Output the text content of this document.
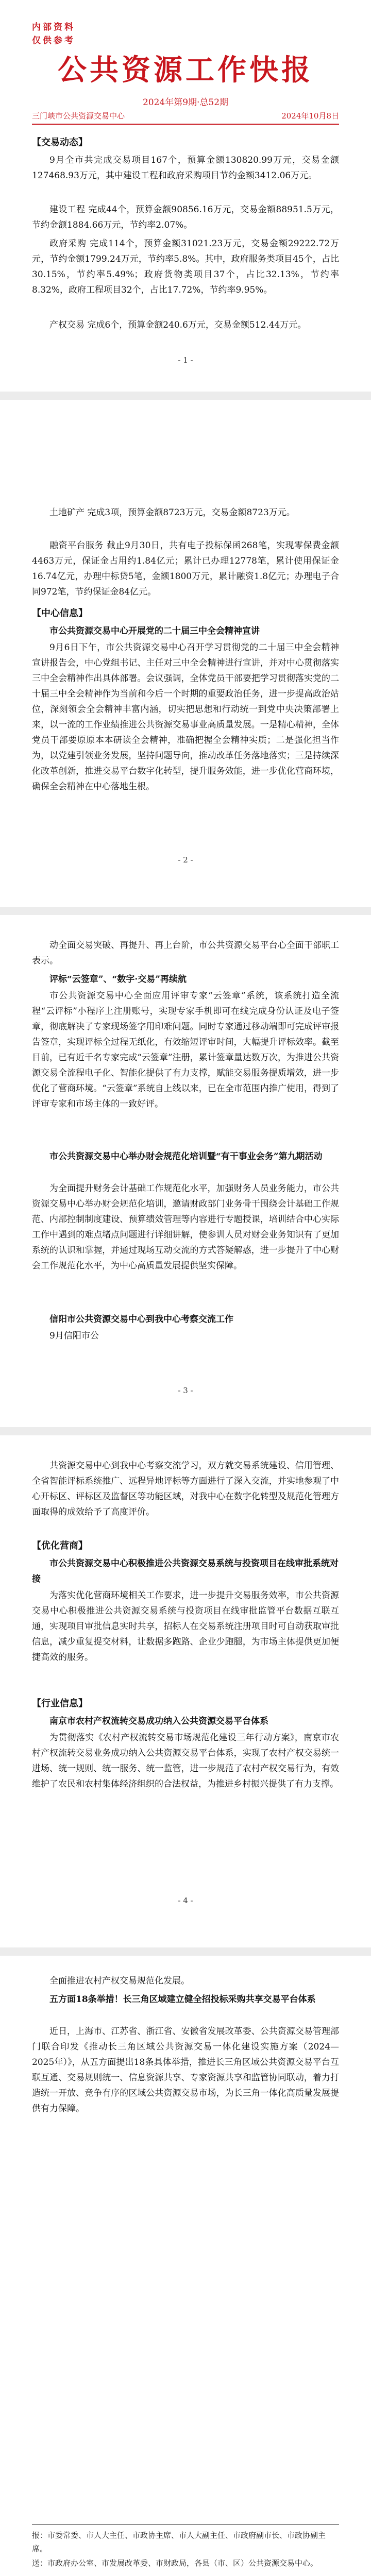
内部资料
仅供参考
公共资源工作快报
2024年第9期·总52期
三门峡市公共资源交易中心	2024年10月8日
【交易动态】

9月全市共完成交易项目167个，预算金额130820.99万元，交易金额127468.93万元，其中建设工程和政府采购项目节约金额3412.06万元。

建设工程 完成44个，预算金额90856.16万元，交易金额88951.5万元，节约金额1884.66万元，节约率2.07%。

政府采购 完成114个，预算金额31021.23万元，交易金额29222.72万元，节约金额1799.24万元，节约率5.8%。其中，政府服务类项目45个，占比30.15%，节约率5.49%；政府货物类项目37个，占比32.13%，节约率8.32%，政府工程项目32个，占比17.72%，节约率9.95%。

产权交易 完成6个，预算金额240.6万元，交易金额512.44万元。

- 1 -

土地矿产 完成3项，预算金额8723万元，交易金额8723万元。

融资平台服务 截止9月30日，共有电子投标保函268笔，实现零保费金额4463万元，保证金占用约1.84亿元；累计已办理12778笔，累计使用保证金16.74亿元，办理中标贷5笔，金额1800万元，累计融资1.8亿元；办理电子合同972笔，节约保证金84亿元。

【中心信息】

市公共资源交易中心开展党的二十届三中全会精神宣讲

9月6日下午，市公共资源交易中心召开学习贯彻党的二十届三中全会精神宣讲报告会，中心党组书记、主任对三中全会精神进行宣讲，并对中心贯彻落实三中全会精神作出具体部署。会议强调，全体党员干部要把学习贯彻落实党的二十届三中全会精神作为当前和今后一个时期的重要政治任务，进一步提高政治站位，深刻领会全会精神丰富内涵，切实把思想和行动统一到党中央决策部署上来，以一流的工作业绩推进公共资源交易事业高质量发展。一是精心精神，全体党员干部要原原本本研读全会精神，准确把握全会精神实质；二是强化担当作为，以党建引领业务发展，坚持问题导向，推动改革任务落地落实；三是持续深化改革创新，推进交易平台数字化转型，提升服务效能，进一步优化营商环境，确保全会精神在中心落地生根。

- 2 -

动全面交易突破、再提升、再上台阶，市公共资源交易平台心全面干部职工表示。

评标“云签章”、“数字·交易”再续航

市公共资源交易中心全面应用评审专家“云签章”系统，该系统打造全流程“云评标”小程序上注册账号，实现专家手机即可在线完成身份认证及电子签章，彻底解决了专家现场签字用印难问题。同时专家通过移动端即可完成评审报告签章，实现评标全过程无纸化，有效缩短评审时间，大幅提升评标效率。截至目前，已有近千名专家完成“云签章”注册，累计签章量达数万次，为推进公共资源交易全流程电子化、智能化提供了有力支撑，赋能交易服务提质增效，进一步优化了营商环境。“云签章”系统自上线以来，已在全市范围内推广使用，得到了评审专家和市场主体的一致好评。

市公共资源交易中心举办财会规范化培训暨“有干事业会务”第九期活动

为全面提升财务会计基础工作规范化水平，加强财务人员业务能力，市公共资源交易中心举办财会规范化培训，邀请财政部门业务骨干围绕会计基础工作规范、内部控制制度建设、预算绩效管理等内容进行专题授课，培训结合中心实际工作中遇到的难点堵点问题进行详细讲解，使参训人员对财会业务知识有了更加系统的认识和掌握，并通过现场互动交流的方式答疑解惑，进一步提升了中心财会工作规范化水平，为中心高质量发展提供坚实保障。

信阳市公共资源交易中心到我中心考察交流工作

9月信阳市公

- 3 -

共资源交易中心到我中心考察交流学习，双方就交易系统建设、信用管理、全省智能评标系统推广、远程异地评标等方面进行了深入交流，并实地参观了中心开标区、评标区及监督区等功能区域，对我中心在数字化转型及规范化管理方面取得的成效给予了高度评价。

【优化营商】

市公共资源交易中心积极推进公共资源交易系统与投资项目在线审批系统对接

为落实优化营商环境相关工作要求，进一步提升交易服务效率，市公共资源交易中心积极推进公共资源交易系统与投资项目在线审批监管平台数据互联互通，实现项目审批信息实时共享，招标人在交易系统注册项目时可自动获取审批信息，减少重复提交材料，让数据多跑路、企业少跑腿，为市场主体提供更加便捷高效的服务。

【行业信息】

南京市农村产权流转交易成功纳入公共资源交易平台体系

为贯彻落实《农村产权流转交易市场规范化建设三年行动方案》，南京市农村产权流转交易业务成功纳入公共资源交易平台体系，实现了农村产权交易统一进场、统一规则、统一服务、统一监管，进一步规范了农村产权交易行为，有效维护了农民和农村集体经济组织的合法权益，为推进乡村振兴提供了有力支撑。

- 4 -

全面推进农村产权交易规范化发展。

五方面18条举措！长三角区域建立健全招投标采购共享交易平台体系

近日，上海市、江苏省、浙江省、安徽省发展改革委、公共资源交易管理部门联合印发《推动长三角区域公共资源交易一体化建设实施方案（2024—2025年）》，从五方面提出18条具体举措，推进长三角区域公共资源交易平台互联互通、交易规则统一、信息资源共享、专家资源共享和监管协同联动，着力打造统一开放、竞争有序的区域公共资源交易市场，为长三角一体化高质量发展提供有力保障。

报：市委常委、市人大主任、市政协主席、市人大副主任、市政府副市长、市政协副主席。
送：市政府办公室、市发展改革委、市财政局，各县（市、区）公共资源交易中心。
